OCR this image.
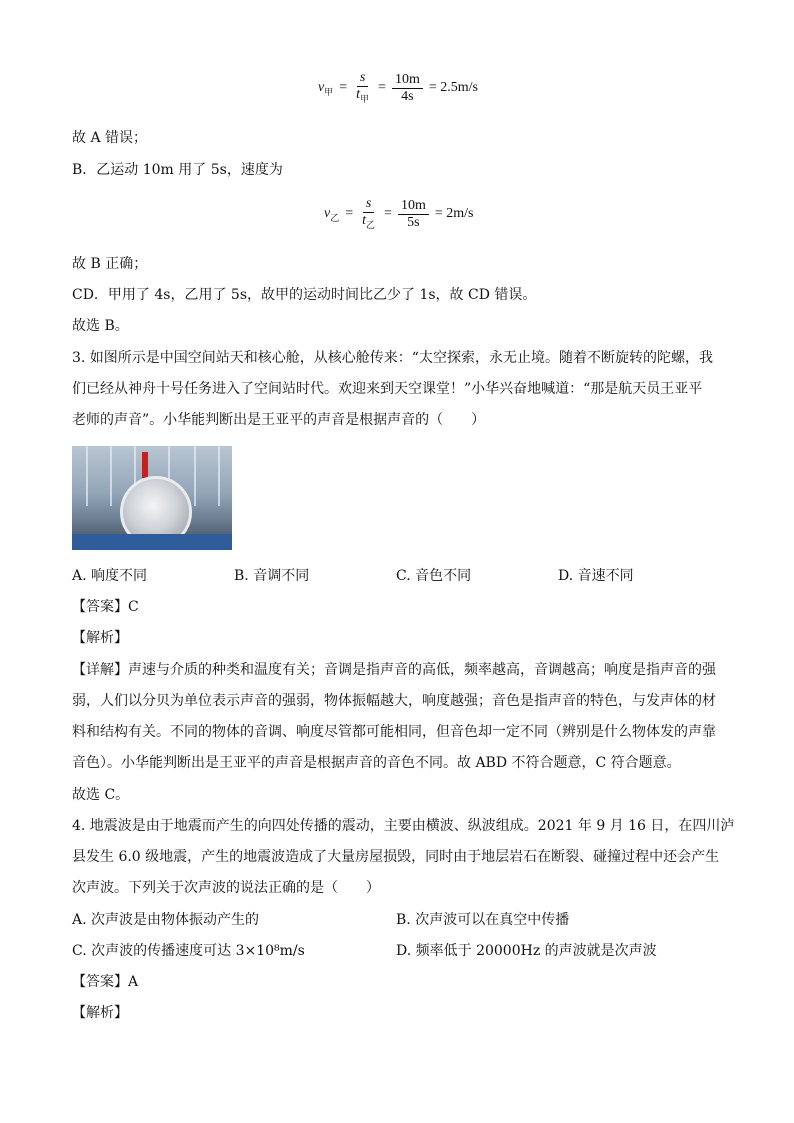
$v_甲 = \frac{s}{t_甲} = \frac{10m}{4s} = 2.5m/s$
故 A 错误；
B．乙运动 10m 用了 5s，速度为
$v_乙 = \frac{s}{t_乙} = \frac{10m}{5s} = 2m/s$
故 B 正确；
CD．甲用了 4s，乙用了 5s，故甲的运动时间比乙少了 1s，故 CD 错误。
故选 B。
3. 如图所示是中国空间站天和核心舱，从核心舱传来：“太空探索，永无止境。随着不断旋转的陀螺，我
们已经从神舟十号任务进入了空间站时代。欢迎来到天空课堂！”小华兴奋地喊道：“那是航天员王亚平
老师的声音”。小华能判断出是王亚平的声音是根据声音的（　　）
A. 响度不同	B. 音调不同	C. 音色不同	D. 音速不同
【答案】C
【解析】
【详解】声速与介质的种类和温度有关；音调是指声音的高低，频率越高，音调越高；响度是指声音的强
弱，人们以分贝为单位表示声音的强弱，物体振幅越大，响度越强；音色是指声音的特色，与发声体的材
料和结构有关。不同的物体的音调、响度尽管都可能相同，但音色却一定不同（辨别是什么物体发的声靠
音色）。小华能判断出是王亚平的声音是根据声音的音色不同。故 ABD 不符合题意，C 符合题意。
故选 C。
4. 地震波是由于地震而产生的向四处传播的震动，主要由横波、纵波组成。2021 年 9 月 16 日，在四川泸
县发生 6.0 级地震，产生的地震波造成了大量房屋损毁，同时由于地层岩石在断裂、碰撞过程中还会产生
次声波。下列关于次声波的说法正确的是（　　）
A. 次声波是由物体振动产生的	B. 次声波可以在真空中传播
C. 次声波的传播速度可达 3×10⁸m/s	D. 频率低于 20000Hz 的声波就是次声波
【答案】A
【解析】
